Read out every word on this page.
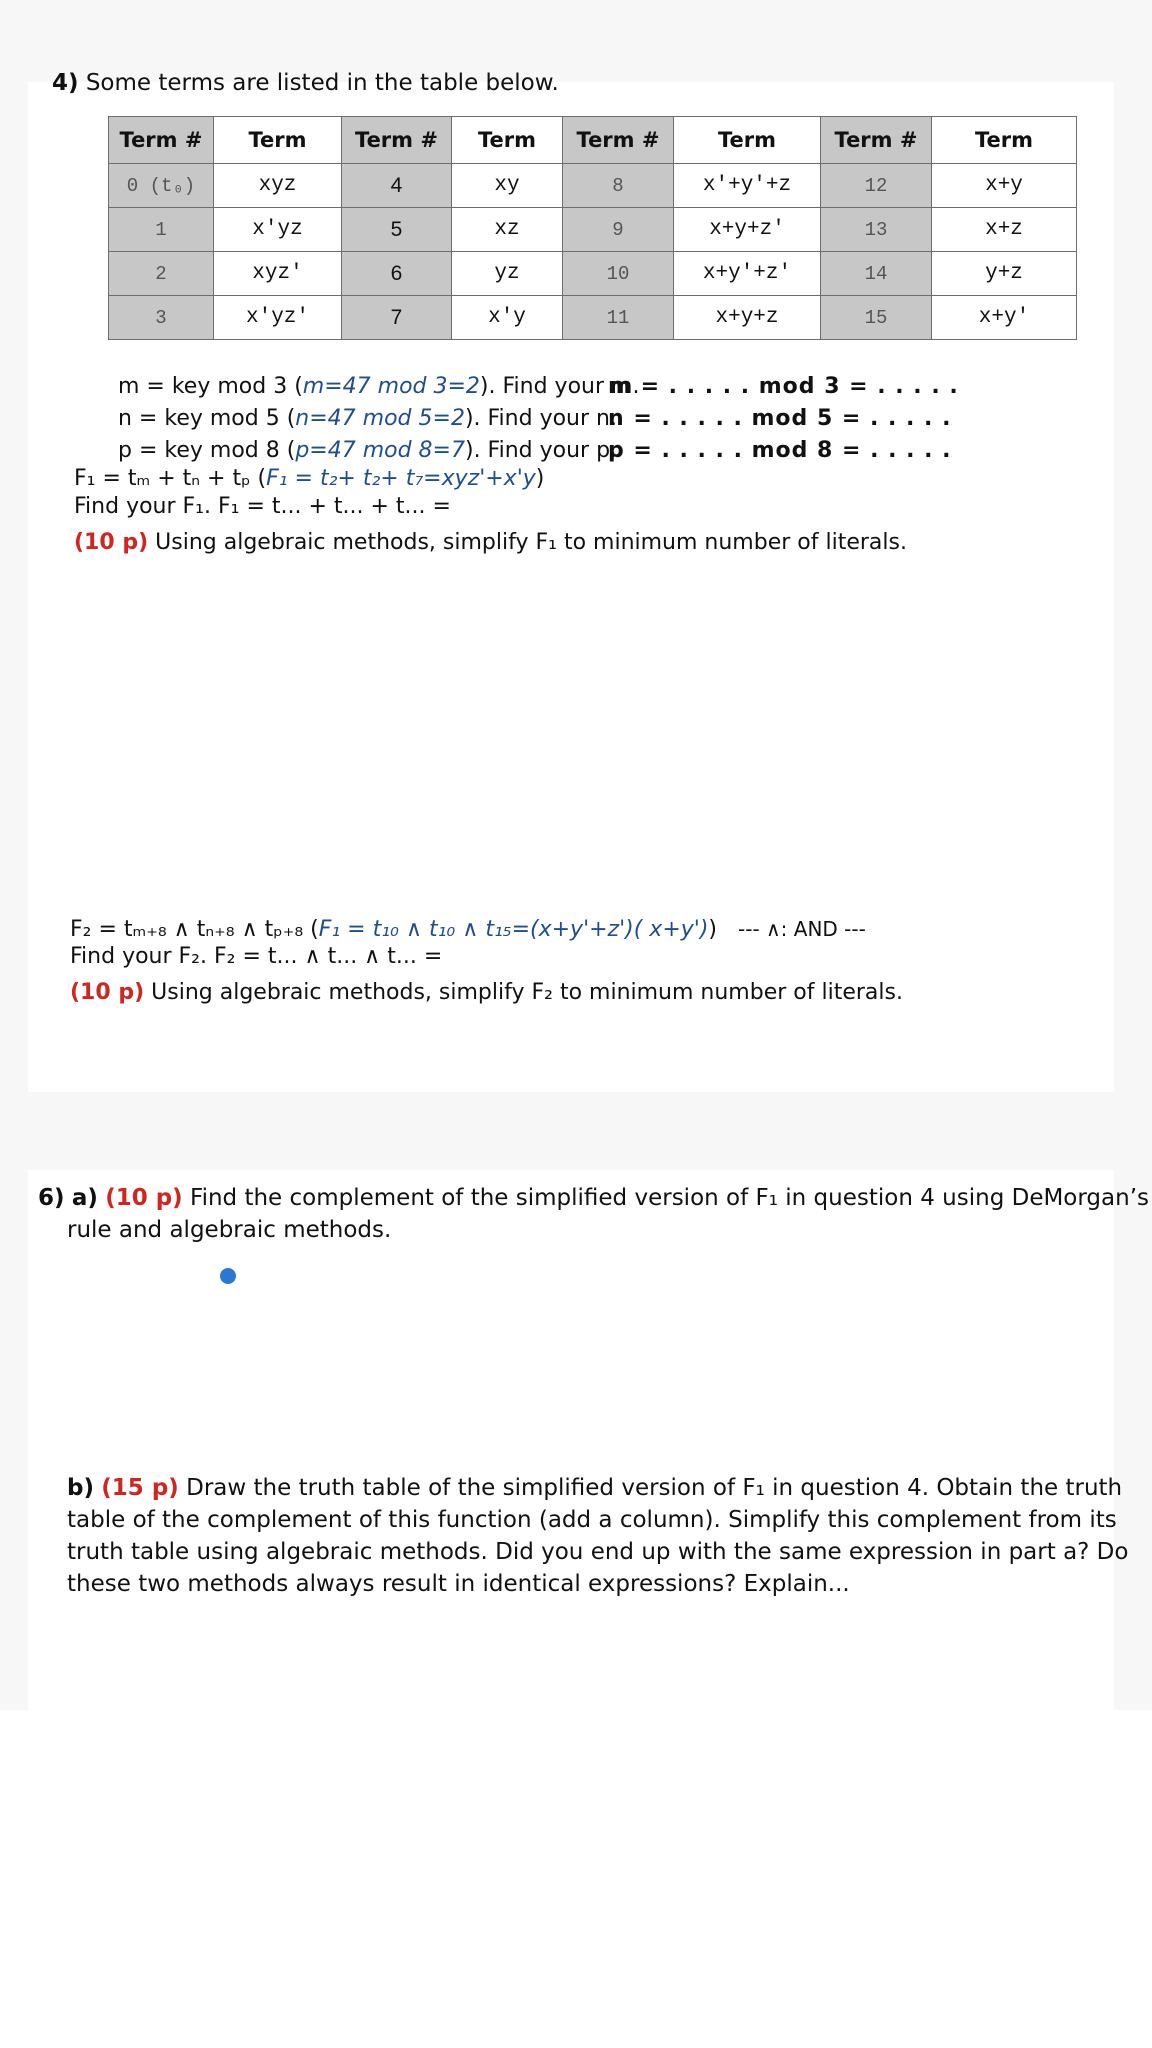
4) Some terms are listed in the table below.
Term #	Term	Term #	Term	Term #	Term	Term #	Term
0 (t₀)	xyz	4	xy	8	x'+y'+z	12	x+y
1	x'yz	5	xz	9	x+y+z'	13	x+z
2	xyz'	6	yz	10	x+y'+z'	14	y+z
3	x'yz'	7	x'y	11	x+y+z	15	x+y'
m = key mod 3 (m=47 mod 3=2). Find your m.
m = . . . . . mod 3 = . . . . .
n = key mod 5 (n=47 mod 5=2). Find your n.
n = . . . . . mod 5 = . . . . .
p = key mod 8 (p=47 mod 8=7). Find your p.
p = . . . . . mod 8 = . . . . .
F₁ = tₘ + tₙ + tₚ (F₁ = t₂+ t₂+ t₇=xyz'+x'y)
Find your F₁. F₁ = t... + t... + t... =
(10 p) Using algebraic methods, simplify F₁ to minimum number of literals.
F₂ = tₘ₊₈ ∧ tₙ₊₈ ∧ tₚ₊₈ (F₁ = t₁₀ ∧ t₁₀ ∧ t₁₅=(x+y'+z')( x+y')) --- ∧: AND ---
Find your F₂. F₂ = t... ∧ t... ∧ t... =
(10 p) Using algebraic methods, simplify F₂ to minimum number of literals.
6) a) (10 p) Find the complement of the simplified version of F₁ in question 4 using DeMorgan’s
rule and algebraic methods.
b) (15 p) Draw the truth table of the simplified version of F₁ in question 4. Obtain the truth
table of the complement of this function (add a column). Simplify this complement from its
truth table using algebraic methods. Did you end up with the same expression in part a? Do
these two methods always result in identical expressions? Explain...
